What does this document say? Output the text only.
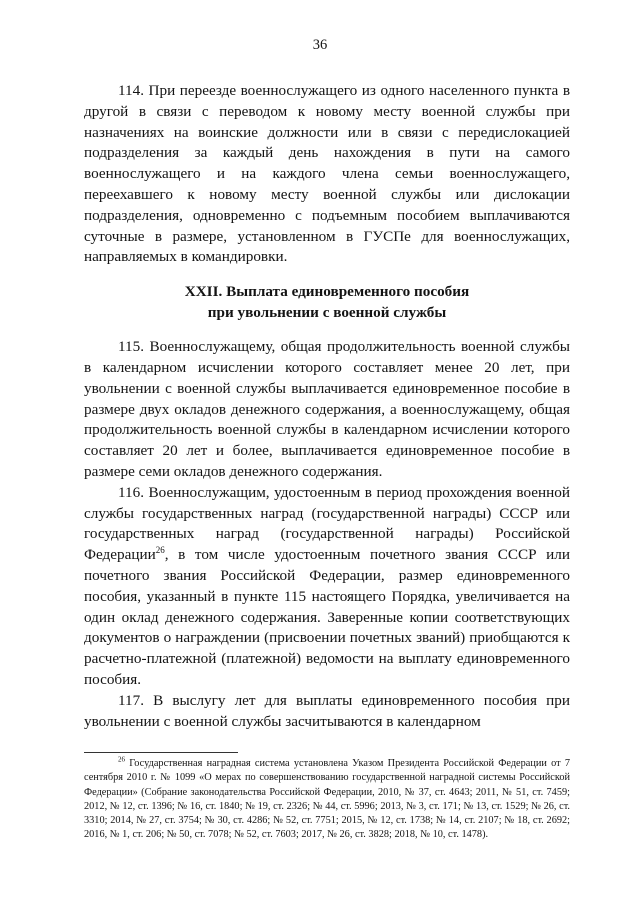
36

114. При переезде военнослужащего из одного населенного пункта в другой в связи с переводом к новому месту военной службы при назначениях на воинские должности или в связи с передислокацией подразделения за каждый день нахождения в пути на самого военнослужащего и на каждого члена семьи военнослужащего, переехавшего к новому месту военной службы или дислокации подразделения, одновременно с подъемным пособием выплачиваются суточные в размере, установленном в ГУСПе для военнослужащих, направляемых в командировки.

XXII. Выплата единовременного пособия
при увольнении с военной службы

115. Военнослужащему, общая продолжительность военной службы в календарном исчислении которого составляет менее 20 лет, при увольнении с военной службы выплачивается единовременное пособие в размере двух окладов денежного содержания, а военнослужащему, общая продолжительность военной службы в календарном исчислении которого составляет 20 лет и более, выплачивается единовременное пособие в размере семи окладов денежного содержания.

116. Военнослужащим, удостоенным в период прохождения военной службы государственных наград (государственной награды) СССР или государственных наград (государственной награды) Российской Федерации$^{26}$, в том числе удостоенным почетного звания СССР или почетного звания Российской Федерации, размер единовременного пособия, указанный в пункте 115 настоящего Порядка, увеличивается на один оклад денежного содержания. Заверенные копии соответствующих документов о награждении (присвоении почетных званий) приобщаются к расчетно-платежной (платежной) ведомости на выплату единовременного пособия.

117. В выслугу лет для выплаты единовременного пособия при увольнении с военной службы засчитываются в календарном

$^{26}$ Государственная наградная система установлена Указом Президента Российской Федерации от 7 сентября 2010 г. № 1099 «О мерах по совершенствованию государственной наградной системы Российской Федерации» (Собрание законодательства Российской Федерации, 2010, № 37, ст. 4643; 2011, № 51, ст. 7459; 2012, № 12, ст. 1396; № 16, ст. 1840; № 19, ст. 2326; № 44, ст. 5996; 2013, № 3, ст. 171; № 13, ст. 1529; № 26, ст. 3310; 2014, № 27, ст. 3754; № 30, ст. 4286; № 52, ст. 7751; 2015, № 12, ст. 1738; № 14, ст. 2107; № 18, ст. 2692; 2016, № 1, ст. 206; № 50, ст. 7078; № 52, ст. 7603; 2017, № 26, ст. 3828; 2018, № 10, ст. 1478).
